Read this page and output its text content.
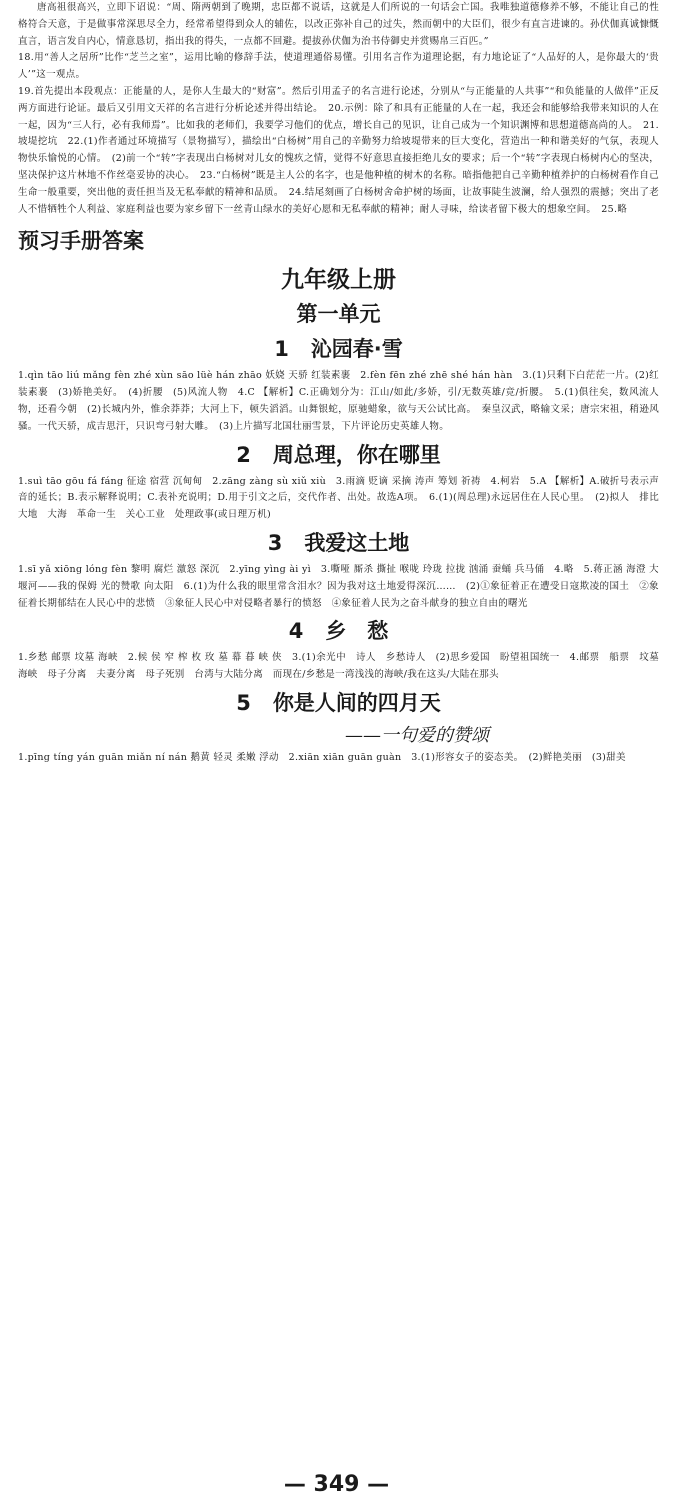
唐高祖很高兴，立即下诏说：“周、隋两朝到了晚期，忠臣都不说话，这就是人们所说的一句话会亡国。我唯独道德修养不够，不能让自己的性格符合天意，于是做事常深思尽全力，经常希望得到众人的辅佐，以改正弥补自己的过失，然而朝中的大臣们，很少有直言进谏的。孙伏伽真诚慷慨直言，语言发自内心，情意恳切，指出我的得失，一点都不回避。提拔孙伏伽为治书侍御史并赏赐帛三百匹。”

18.用“善人之居所”比作“芝兰之室”，运用比喻的修辞手法，使道理通俗易懂。引用名言作为道理论据，有力地论证了“人品好的人，是你最大的‘贵人’”这一观点。

19.首先提出本段观点：正能量的人，是你人生最大的“财富”。然后引用孟子的名言进行论述，分别从“与正能量的人共事”“和负能量的人做伴”正反两方面进行论证。最后又引用文天祥的名言进行分析论述并得出结论。　20.示例：除了和具有正能量的人在一起，我还会和能够给我带来知识的人在一起，因为“三人行，必有我师焉”。比如我的老师们，我要学习他们的优点，增长自己的见识，让自己成为一个知识渊博和思想道德高尚的人。　21.坡堤挖坑　22.(1)作者通过环境描写（景物描写），描绘出“白杨树”用自己的辛勤努力给坡堤带来的巨大变化，营造出一种和谐美好的气氛，表现人物快乐愉悦的心情。　(2)前一个“转”字表现出白杨树对儿女的愧疚之情，觉得不好意思直接拒绝儿女的要求；后一个“转”字表现白杨树内心的坚决，坚决保护这片林地不作丝毫妥协的决心。　23.“白杨树”既是主人公的名字，也是他种植的树木的名称。暗指他把自己辛勤种植养护的白杨树看作自己生命一般重要，突出他的责任担当及无私奉献的精神和品质。　24.结尾刻画了白杨树舍命护树的场面，让故事陡生波澜，给人强烈的震撼；突出了老人不惜牺牲个人利益、家庭利益也要为家乡留下一丝青山绿水的美好心愿和无私奉献的精神；耐人寻味，给读者留下极大的想象空间。　25.略

预习手册答案
九年级上册
第一单元
1 沁园春·雪

1.qìn tāo liú mǎng fèn zhé xùn sāo lüè hán zhāo 妖娆 天骄 红装素裹　2.fèn fēn zhé zhē shé hán hàn　3.(1)只剩下白茫茫一片。(2)红装素裹　(3)娇艳美好。　(4)折腰　(5)风流人物　4.C 【解析】C.正确划分为：江山/如此/多娇，引/无数英雄/竞/折腰。　5.(1)俱往矣，数风流人物，还看今朝　(2)长城内外，惟余莽莽；大河上下，顿失滔滔。山舞银蛇，原驰蜡象，欲与天公试比高。　秦皇汉武，略输文采；唐宗宋祖，稍逊风骚。一代天骄，成吉思汗，只识弯弓射大雕。　(3)上片描写北国壮丽雪景，下片评论历史英雄人物。

2 周总理，你在哪里

1.suì tāo gōu fá fáng 征途 宿营 沉甸甸　2.zāng zàng sù xiǔ xiù　3.雨滴 贬谪 采摘 涛声 筹划 祈祷　4.柯岩　5.A 【解析】A.破折号表示声音的延长；B.表示解释说明；C.表补充说明；D.用于引文之后，交代作者、出处。故选A项。　6.(1)(周总理)永远居住在人民心里。　(2)拟人　排比　大地　大海　革命一生　关心工业　处理政事(或日理万机)

3 我爱这土地

1.sī yǎ xiōng lóng fèn 黎明 腐烂 激怒 深沉　2.yīng yìng ài yì　3.嘶哑 厮杀 撕扯 喉咙 玲珑 拉拢 汹涌 蚕蛹 兵马俑　4.略　5.蒋正涵 海澄 大堰河——我的保姆 光的赞歌 向太阳　6.(1)为什么我的眼里常含泪水？因为我对这土地爱得深沉……　(2)①象征着正在遭受日寇欺凌的国土　②象征着长期郁结在人民心中的悲愤　③象征人民心中对侵略者暴行的愤怒　④象征着人民为之奋斗献身的独立自由的曙光

4 乡　愁

1.乡愁 邮票 坟墓 海峡　2.候 侯 窄 榨 枚 玫 墓 幕 暮 峡 侠　3.(1)余光中　诗人　乡愁诗人　(2)思乡爱国　盼望祖国统一　4.邮票　船票　坟墓　海峡　母子分离　夫妻分离　母子死别　台湾与大陆分离　而现在/乡愁是一湾浅浅的海峡/我在这头/大陆在那头

5 你是人间的四月天
——一句爱的赞颂

1.pīng tíng yán guān miǎn ní nán 鹅黄 轻灵 柔嫩 浮动　2.xiān xiān guān guàn　3.(1)形容女子的姿态美。　(2)鲜艳美丽　(3)甜美

— 349 —
